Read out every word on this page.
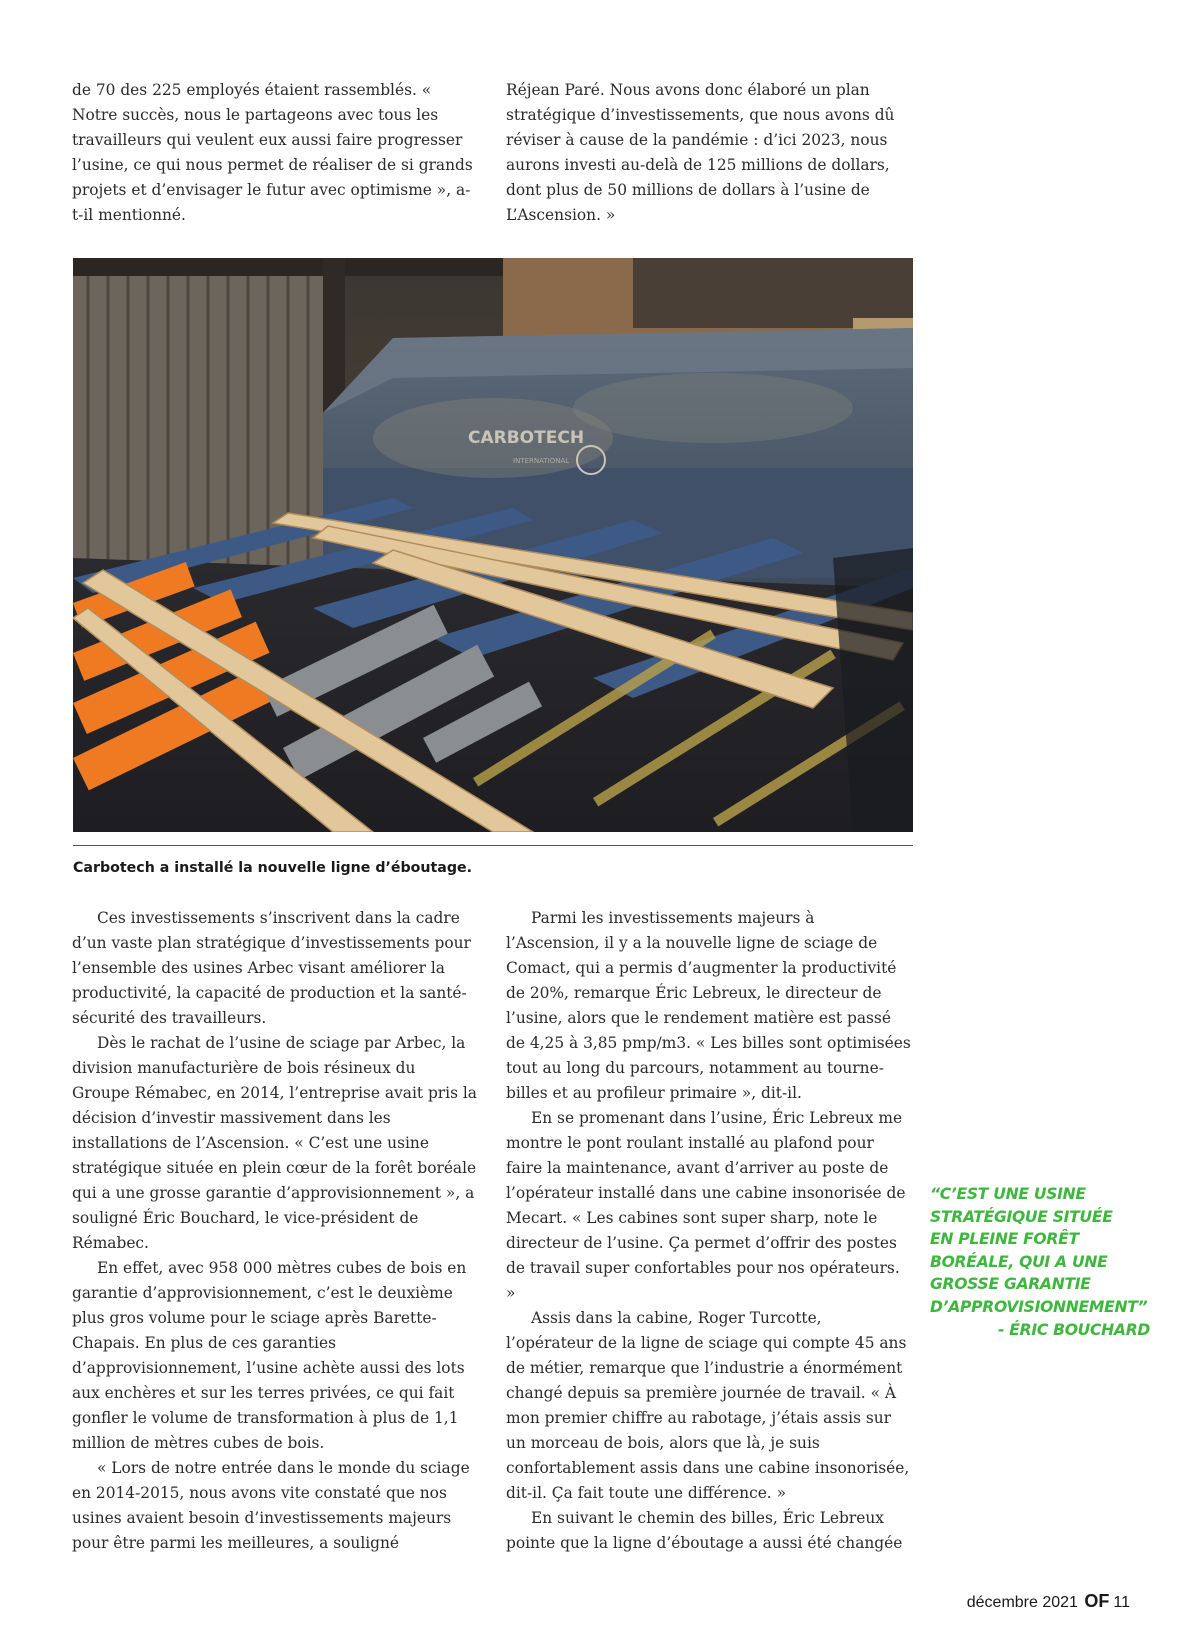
de 70 des 225 employés étaient rassemblés. « Notre succès, nous le partageons avec tous les travailleurs qui veulent eux aussi faire progresser l’usine, ce qui nous permet de réaliser de si grands projets et d’envisager le futur avec optimisme », a-t-il mentionné.

Réjean Paré. Nous avons donc élaboré un plan stratégique d’investissements, que nous avons dû réviser à cause de la pandémie : d’ici 2023, nous aurons investi au-delà de 125 millions de dollars, dont plus de 50 millions de dollars à l’usine de L’Ascension. »

CARBOTECH
INTERNATIONAL
Carbotech a installé la nouvelle ligne d’éboutage.

Ces investissements s’inscrivent dans la cadre d’un vaste plan stratégique d’investissements pour l’ensemble des usines Arbec visant améliorer la productivité, la capacité de production et la santé-sécurité des travailleurs.

Dès le rachat de l’usine de sciage par Arbec, la division manufacturière de bois résineux du Groupe Rémabec, en 2014, l’entreprise avait pris la décision d’investir massivement dans les installations de l’Ascension. « C’est une usine stratégique située en plein cœur de la forêt boréale qui a une grosse garantie d’approvisionnement », a souligné Éric Bouchard, le vice-président de Rémabec.

En effet, avec 958 000 mètres cubes de bois en garantie d’approvisionnement, c’est le deuxième plus gros volume pour le sciage après Barette-Chapais. En plus de ces garanties d’approvisionnement, l’usine achète aussi des lots aux enchères et sur les terres privées, ce qui fait gonfler le volume de transformation à plus de 1,1 million de mètres cubes de bois.

« Lors de notre entrée dans le monde du sciage en 2014-2015, nous avons vite constaté que nos usines avaient besoin d’investissements majeurs pour être parmi les meilleures, a souligné

Parmi les investissements majeurs à l’Ascension, il y a la nouvelle ligne de sciage de Comact, qui a permis d’augmenter la productivité de 20%, remarque Éric Lebreux, le directeur de l’usine, alors que le rendement matière est passé de 4,25 à 3,85 pmp/m3. « Les billes sont optimisées tout au long du parcours, notamment au tourne-billes et au profileur primaire », dit-il.

En se promenant dans l’usine, Éric Lebreux me montre le pont roulant installé au plafond pour faire la maintenance, avant d’arriver au poste de l’opérateur installé dans une cabine insonorisée de Mecart. « Les cabines sont super sharp, note le directeur de l’usine. Ça permet d’offrir des postes de travail super confortables pour nos opérateurs. »

Assis dans la cabine, Roger Turcotte, l’opérateur de la ligne de sciage qui compte 45 ans de métier, remarque que l’industrie a énormément changé depuis sa première journée de travail. « À mon premier chiffre au rabotage, j’étais assis sur un morceau de bois, alors que là, je suis confortablement assis dans une cabine insonorisée, dit-il. Ça fait toute une différence. »

En suivant le chemin des billes, Éric Lebreux pointe que la ligne d’éboutage a aussi été changée

“C’EST UNE USINE
STRATÉGIQUE SITUÉE
EN PLEINE FORÊT
BORÉALE, QUI A UNE
GROSSE GARANTIE
D’APPROVISIONNEMENT”
- ÉRIC BOUCHARD
décembre 2021 OF 11
